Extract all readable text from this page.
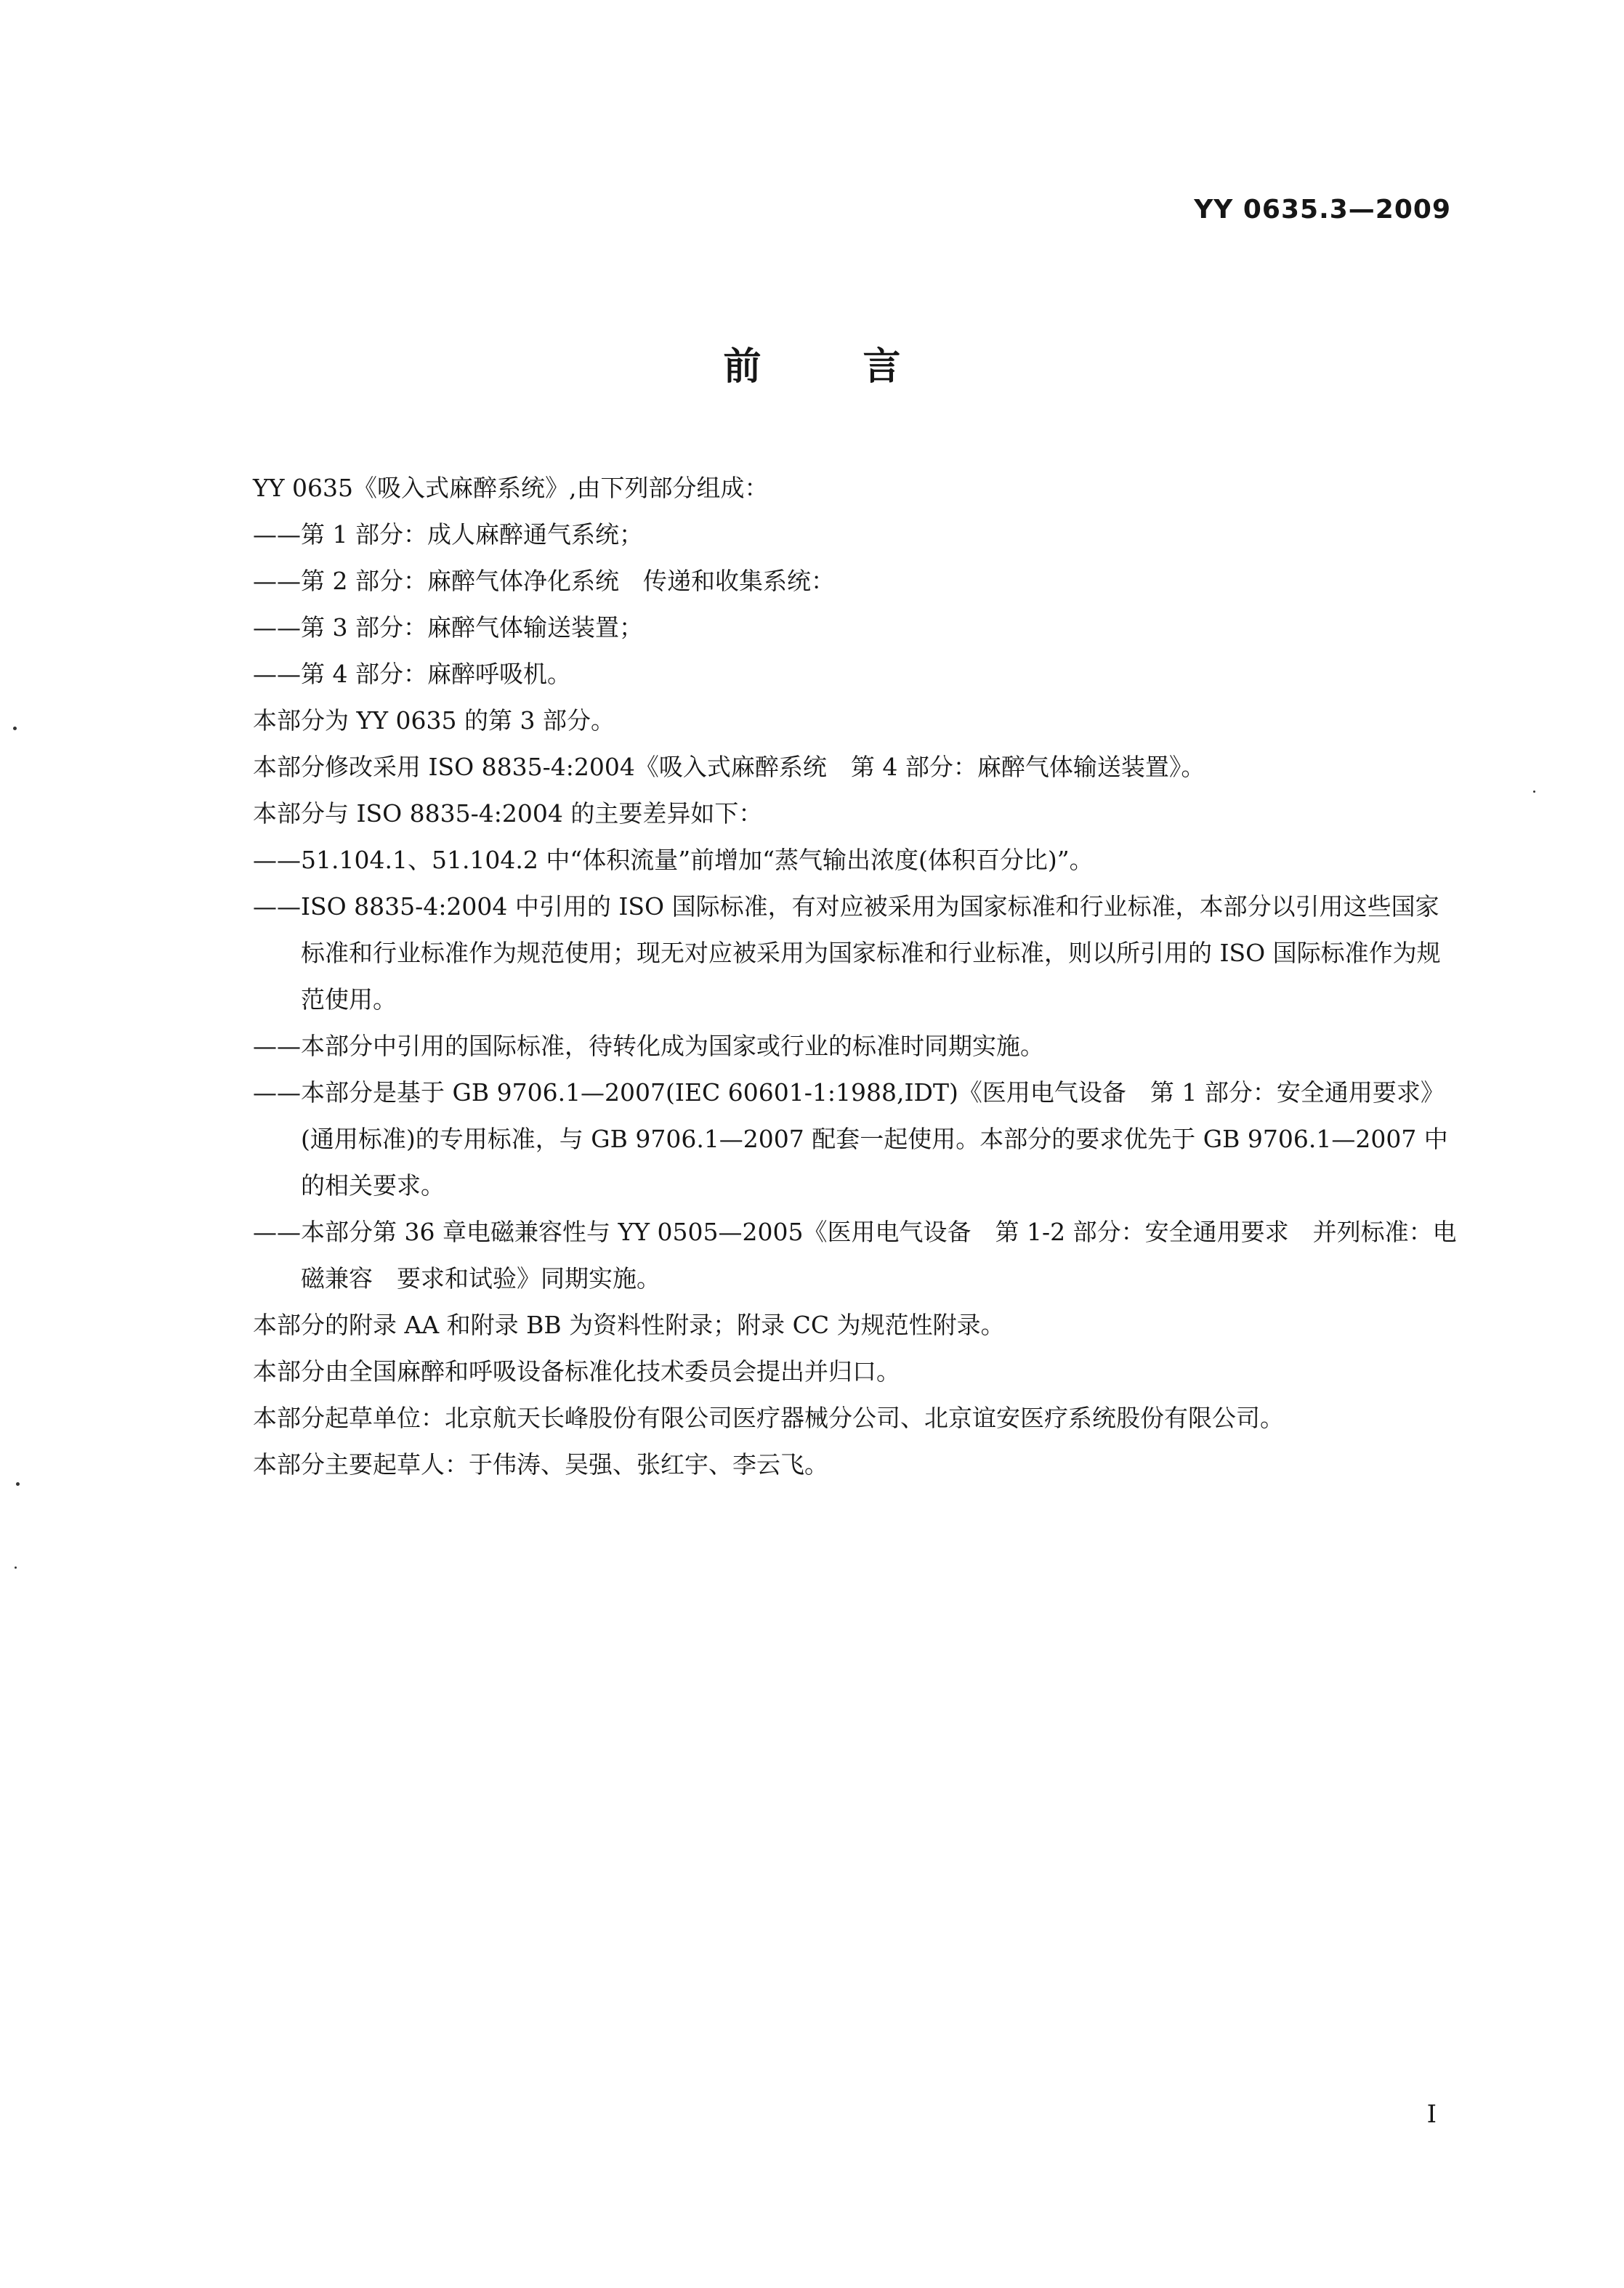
YY 0635.3—2009
前言

YY 0635《吸入式麻醉系统》,由下列部分组成：

——第 1 部分：成人麻醉通气系统；

——第 2 部分：麻醉气体净化系统　传递和收集系统：

——第 3 部分：麻醉气体输送装置；

——第 4 部分：麻醉呼吸机。

本部分为 YY 0635 的第 3 部分。

本部分修改采用 ISO 8835-4:2004《吸入式麻醉系统　第 4 部分：麻醉气体输送装置》。

本部分与 ISO 8835-4:2004 的主要差异如下：

——51.104.1、51.104.2 中“体积流量”前增加“蒸气输出浓度(体积百分比)”。

——ISO 8835-4:2004 中引用的 ISO 国际标准，有对应被采用为国家标准和行业标准，本部分以引用这些国家标准和行业标准作为规范使用；现无对应被采用为国家标准和行业标准，则以所引用的 ISO 国际标准作为规范使用。

——本部分中引用的国际标准，待转化成为国家或行业的标准时同期实施。

——本部分是基于 GB 9706.1—2007(IEC 60601-1:1988,IDT)《医用电气设备　第 1 部分：安全通用要求》(通用标准)的专用标准，与 GB 9706.1—2007 配套一起使用。本部分的要求优先于 GB 9706.1—2007 中的相关要求。

——本部分第 36 章电磁兼容性与 YY 0505—2005《医用电气设备　第 1-2 部分：安全通用要求　并列标准：电磁兼容　要求和试验》同期实施。

本部分的附录 AA 和附录 BB 为资料性附录；附录 CC 为规范性附录。

本部分由全国麻醉和呼吸设备标准化技术委员会提出并归口。

本部分起草单位：北京航天长峰股份有限公司医疗器械分公司、北京谊安医疗系统股份有限公司。

本部分主要起草人：于伟涛、吴强、张红宇、李云飞。

I
